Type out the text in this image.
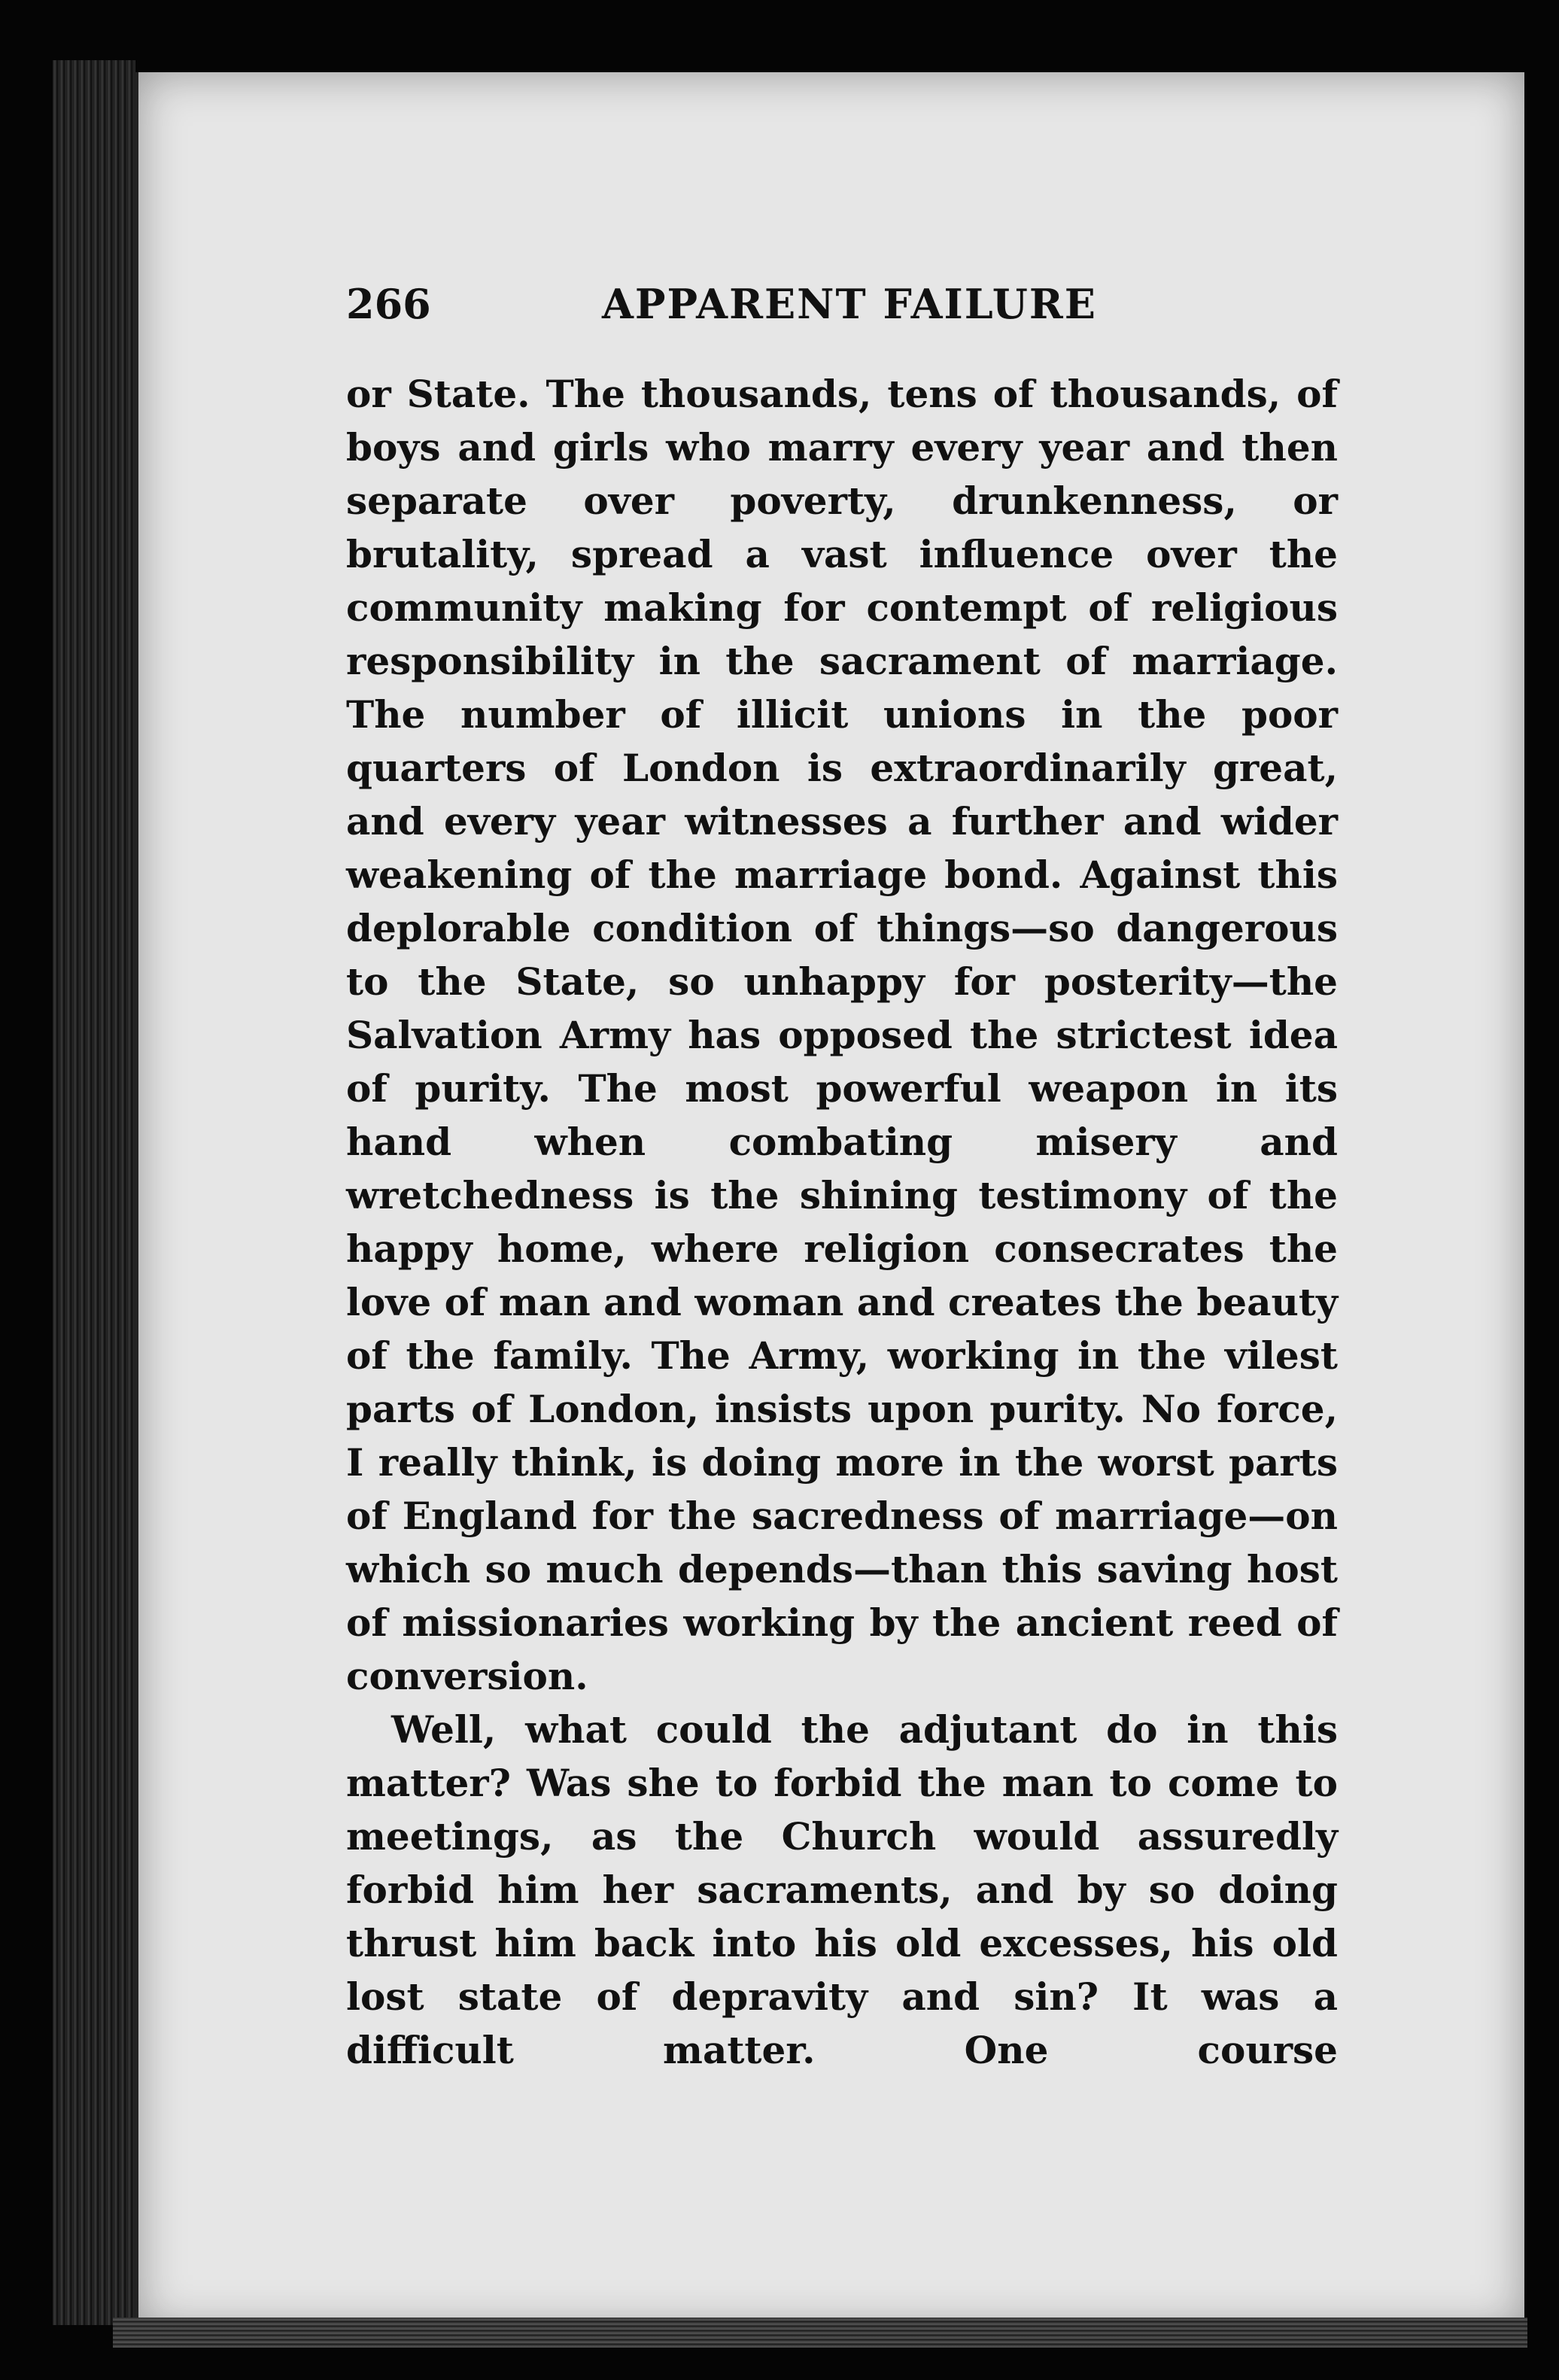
266	APPARENT FAILURE

or State. The thousands, tens of thousands, of boys and girls who marry every year and then separate over poverty, drunkenness, or brutality, spread a vast influence over the community making for contempt of religious responsibility in the sacrament of marriage. The number of illicit unions in the poor quarters of London is extraordinarily great, and every year witnesses a further and wider weakening of the marriage bond. Against this deplorable condition of things—so dangerous to the State, so unhappy for posterity—the Salvation Army has opposed the strictest idea of purity. The most powerful weapon in its hand when combating misery and wretchedness is the shining testimony of the happy home, where religion consecrates the love of man and woman and creates the beauty of the family. The Army, working in the vilest parts of London, insists upon purity. No force, I really think, is doing more in the worst parts of England for the sacredness of marriage—on which so much depends—than this saving host of missionaries working by the ancient reed of conversion.

Well, what could the adjutant do in this matter? Was she to forbid the man to come to meetings, as the Church would assuredly forbid him her sacraments, and by so doing thrust him back into his old excesses, his old lost state of depravity and sin? It was a difficult matter. One course
